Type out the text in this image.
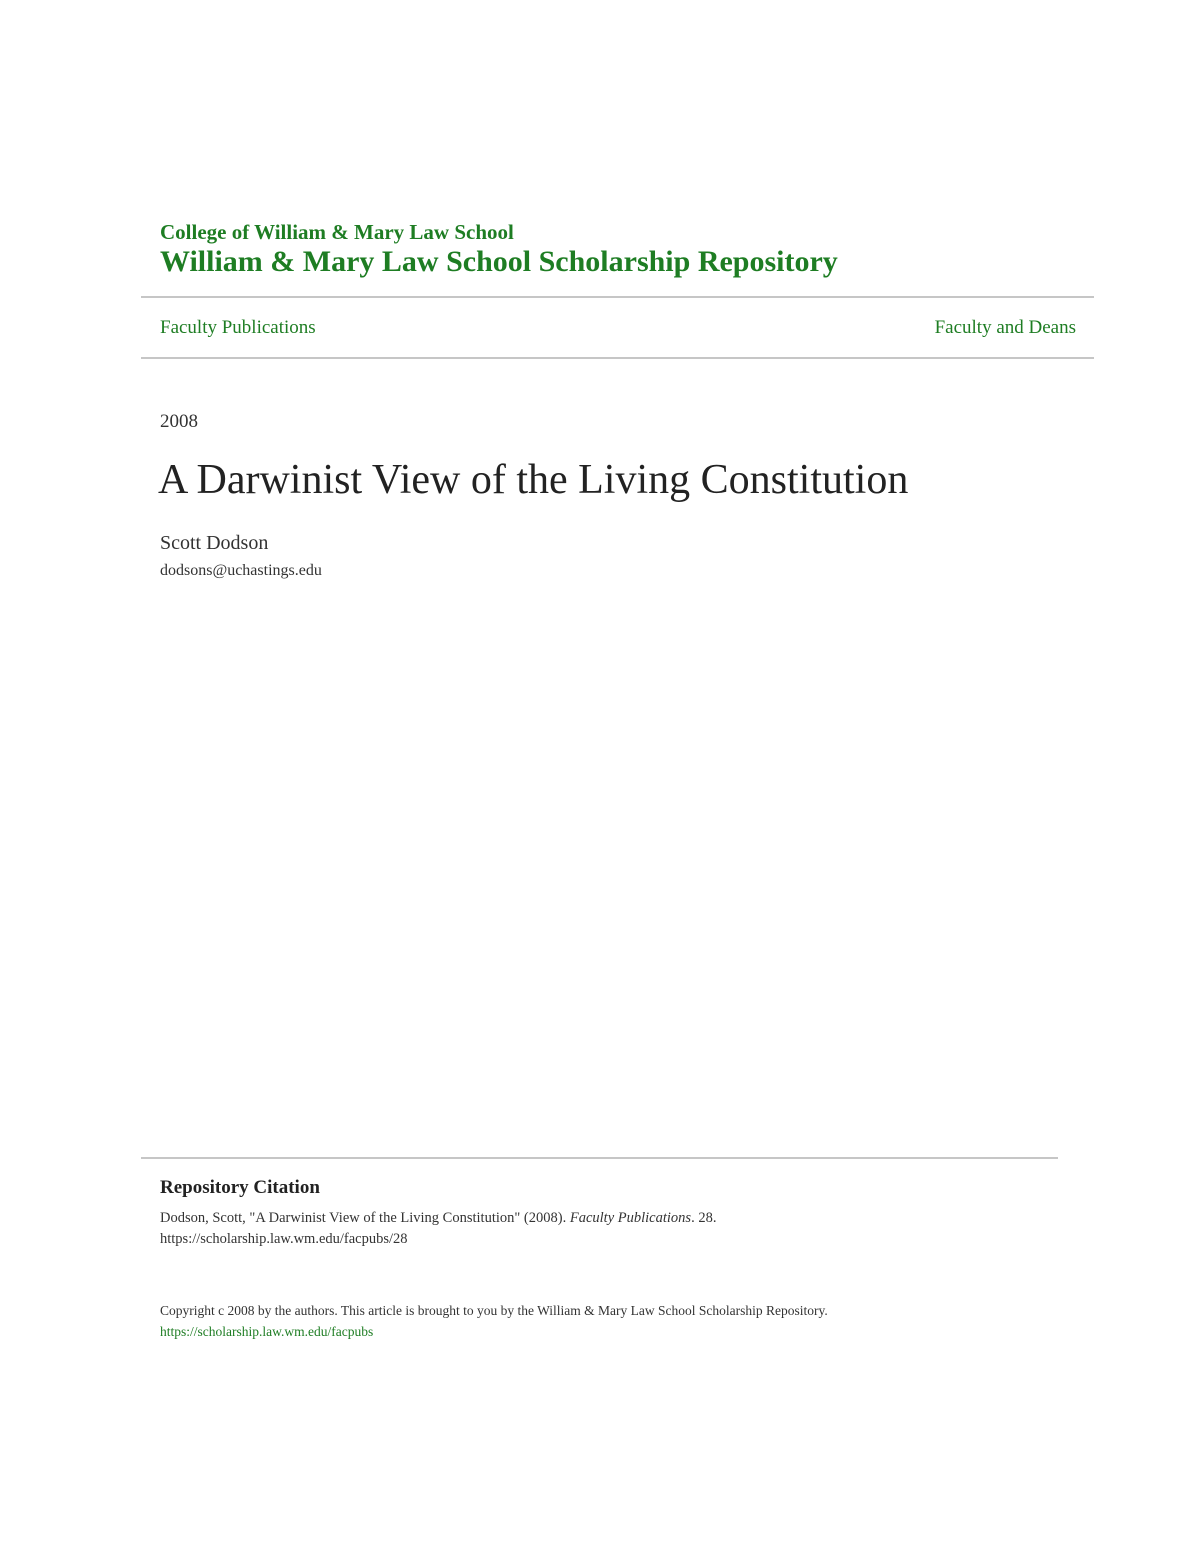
College of William & Mary Law School
William & Mary Law School Scholarship Repository
Faculty Publications	Faculty and Deans
2008
A Darwinist View of the Living Constitution
Scott Dodson
dodsons@uchastings.edu
Repository Citation
Dodson, Scott, "A Darwinist View of the Living Constitution" (2008). Faculty Publications. 28.
https://scholarship.law.wm.edu/facpubs/28
Copyright c 2008 by the authors. This article is brought to you by the William & Mary Law School Scholarship Repository.
https://scholarship.law.wm.edu/facpubs
